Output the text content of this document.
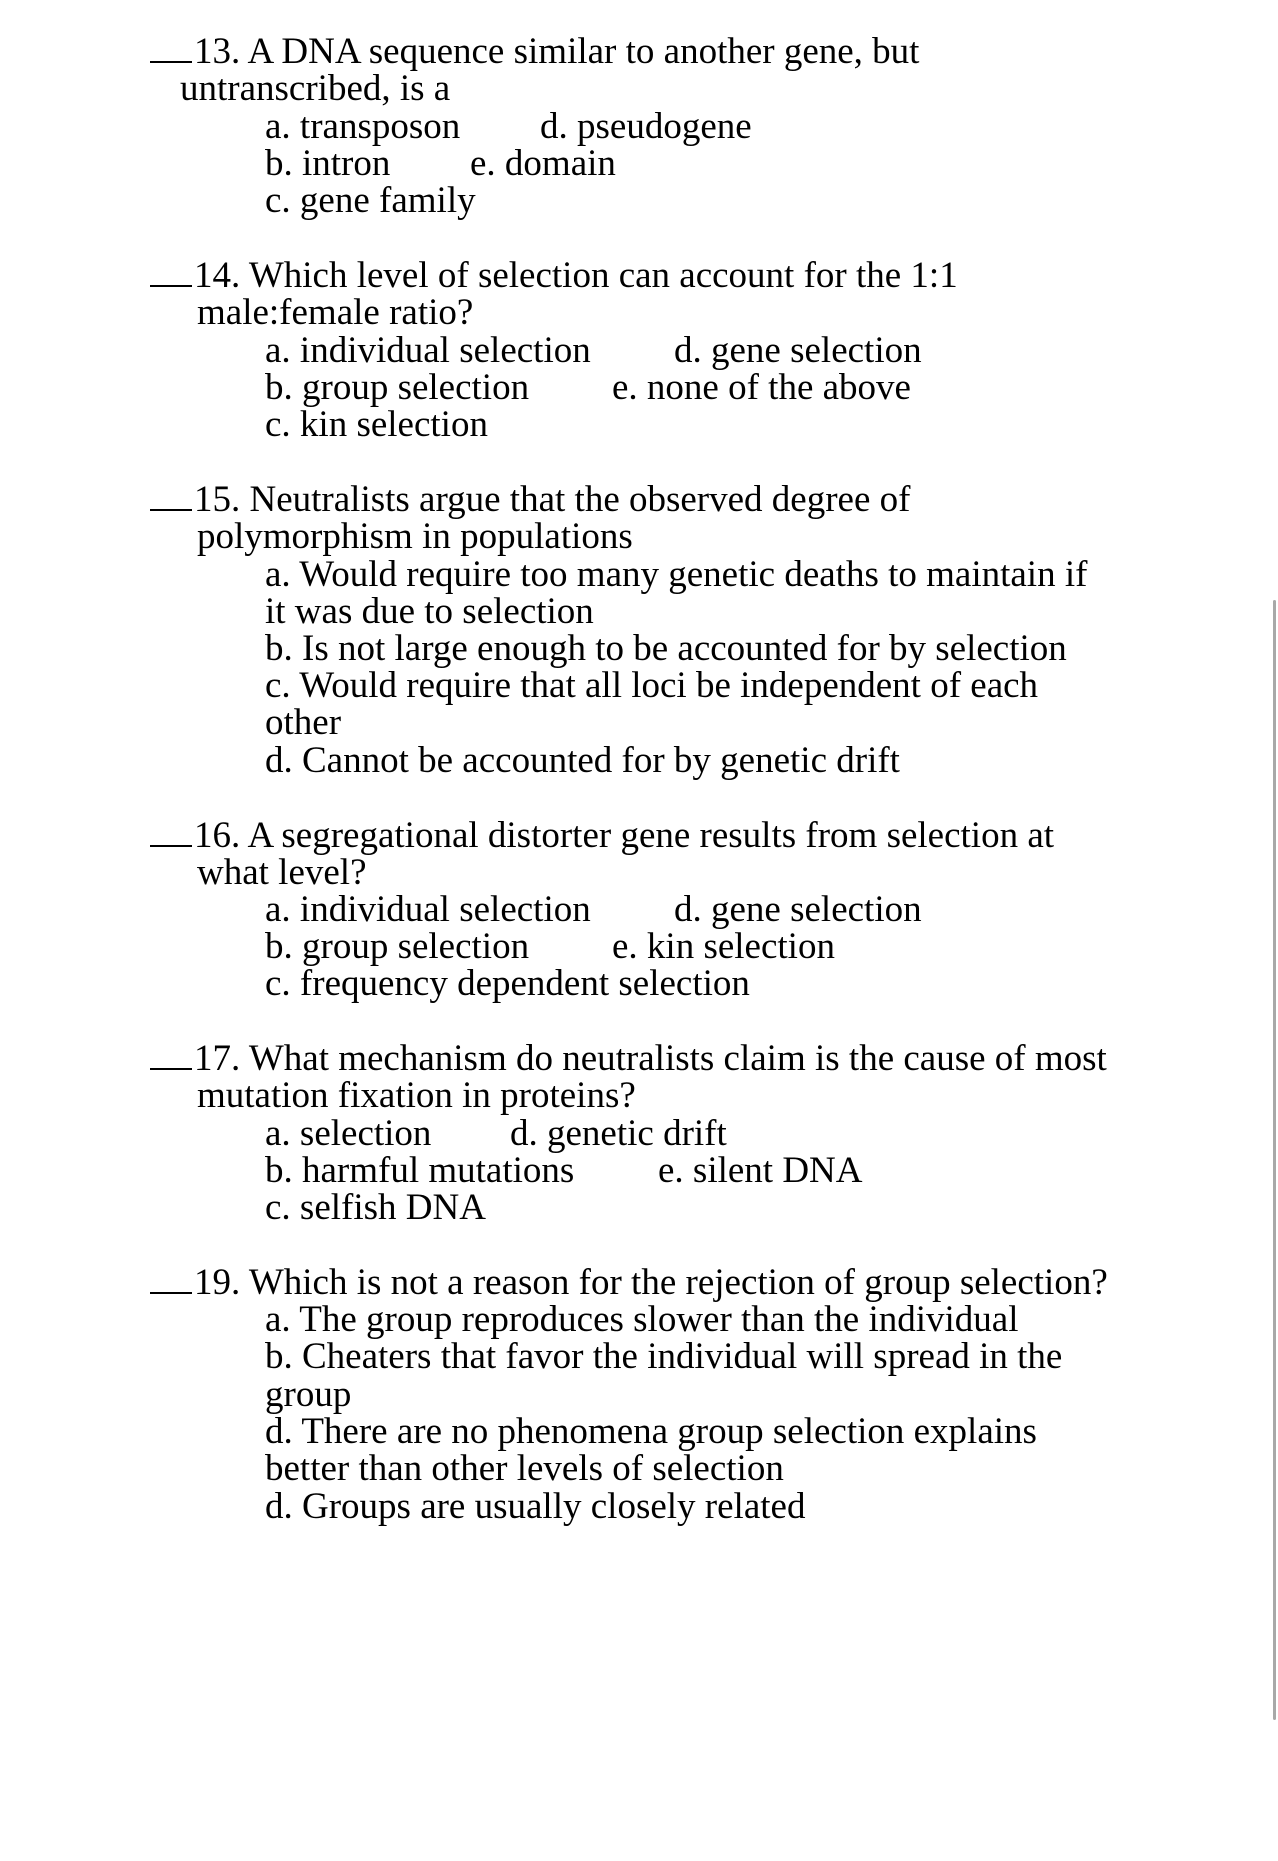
13. A DNA sequence similar to another gene, but
untranscribed, is a
a. transposon d. pseudogene
b. intron e. domain
c. gene family
14. Which level of selection can account for the 1:1
male:female ratio?
a. individual selection d. gene selection
b. group selection e. none of the above
c. kin selection
15. Neutralists argue that the observed degree of
polymorphism in populations
a. Would require too many genetic deaths to maintain if
it was due to selection
b. Is not large enough to be accounted for by selection
c. Would require that all loci be independent of each
other
d. Cannot be accounted for by genetic drift
16. A segregational distorter gene results from selection at
what level?
a. individual selection d. gene selection
b. group selection e. kin selection
c. frequency dependent selection
17. What mechanism do neutralists claim is the cause of most
mutation fixation in proteins?
a. selection d. genetic drift
b. harmful mutations e. silent DNA
c. selfish DNA
19. Which is not a reason for the rejection of group selection?
a. The group reproduces slower than the individual
b. Cheaters that favor the individual will spread in the
group
d. There are no phenomena group selection explains
better than other levels of selection
d. Groups are usually closely related
